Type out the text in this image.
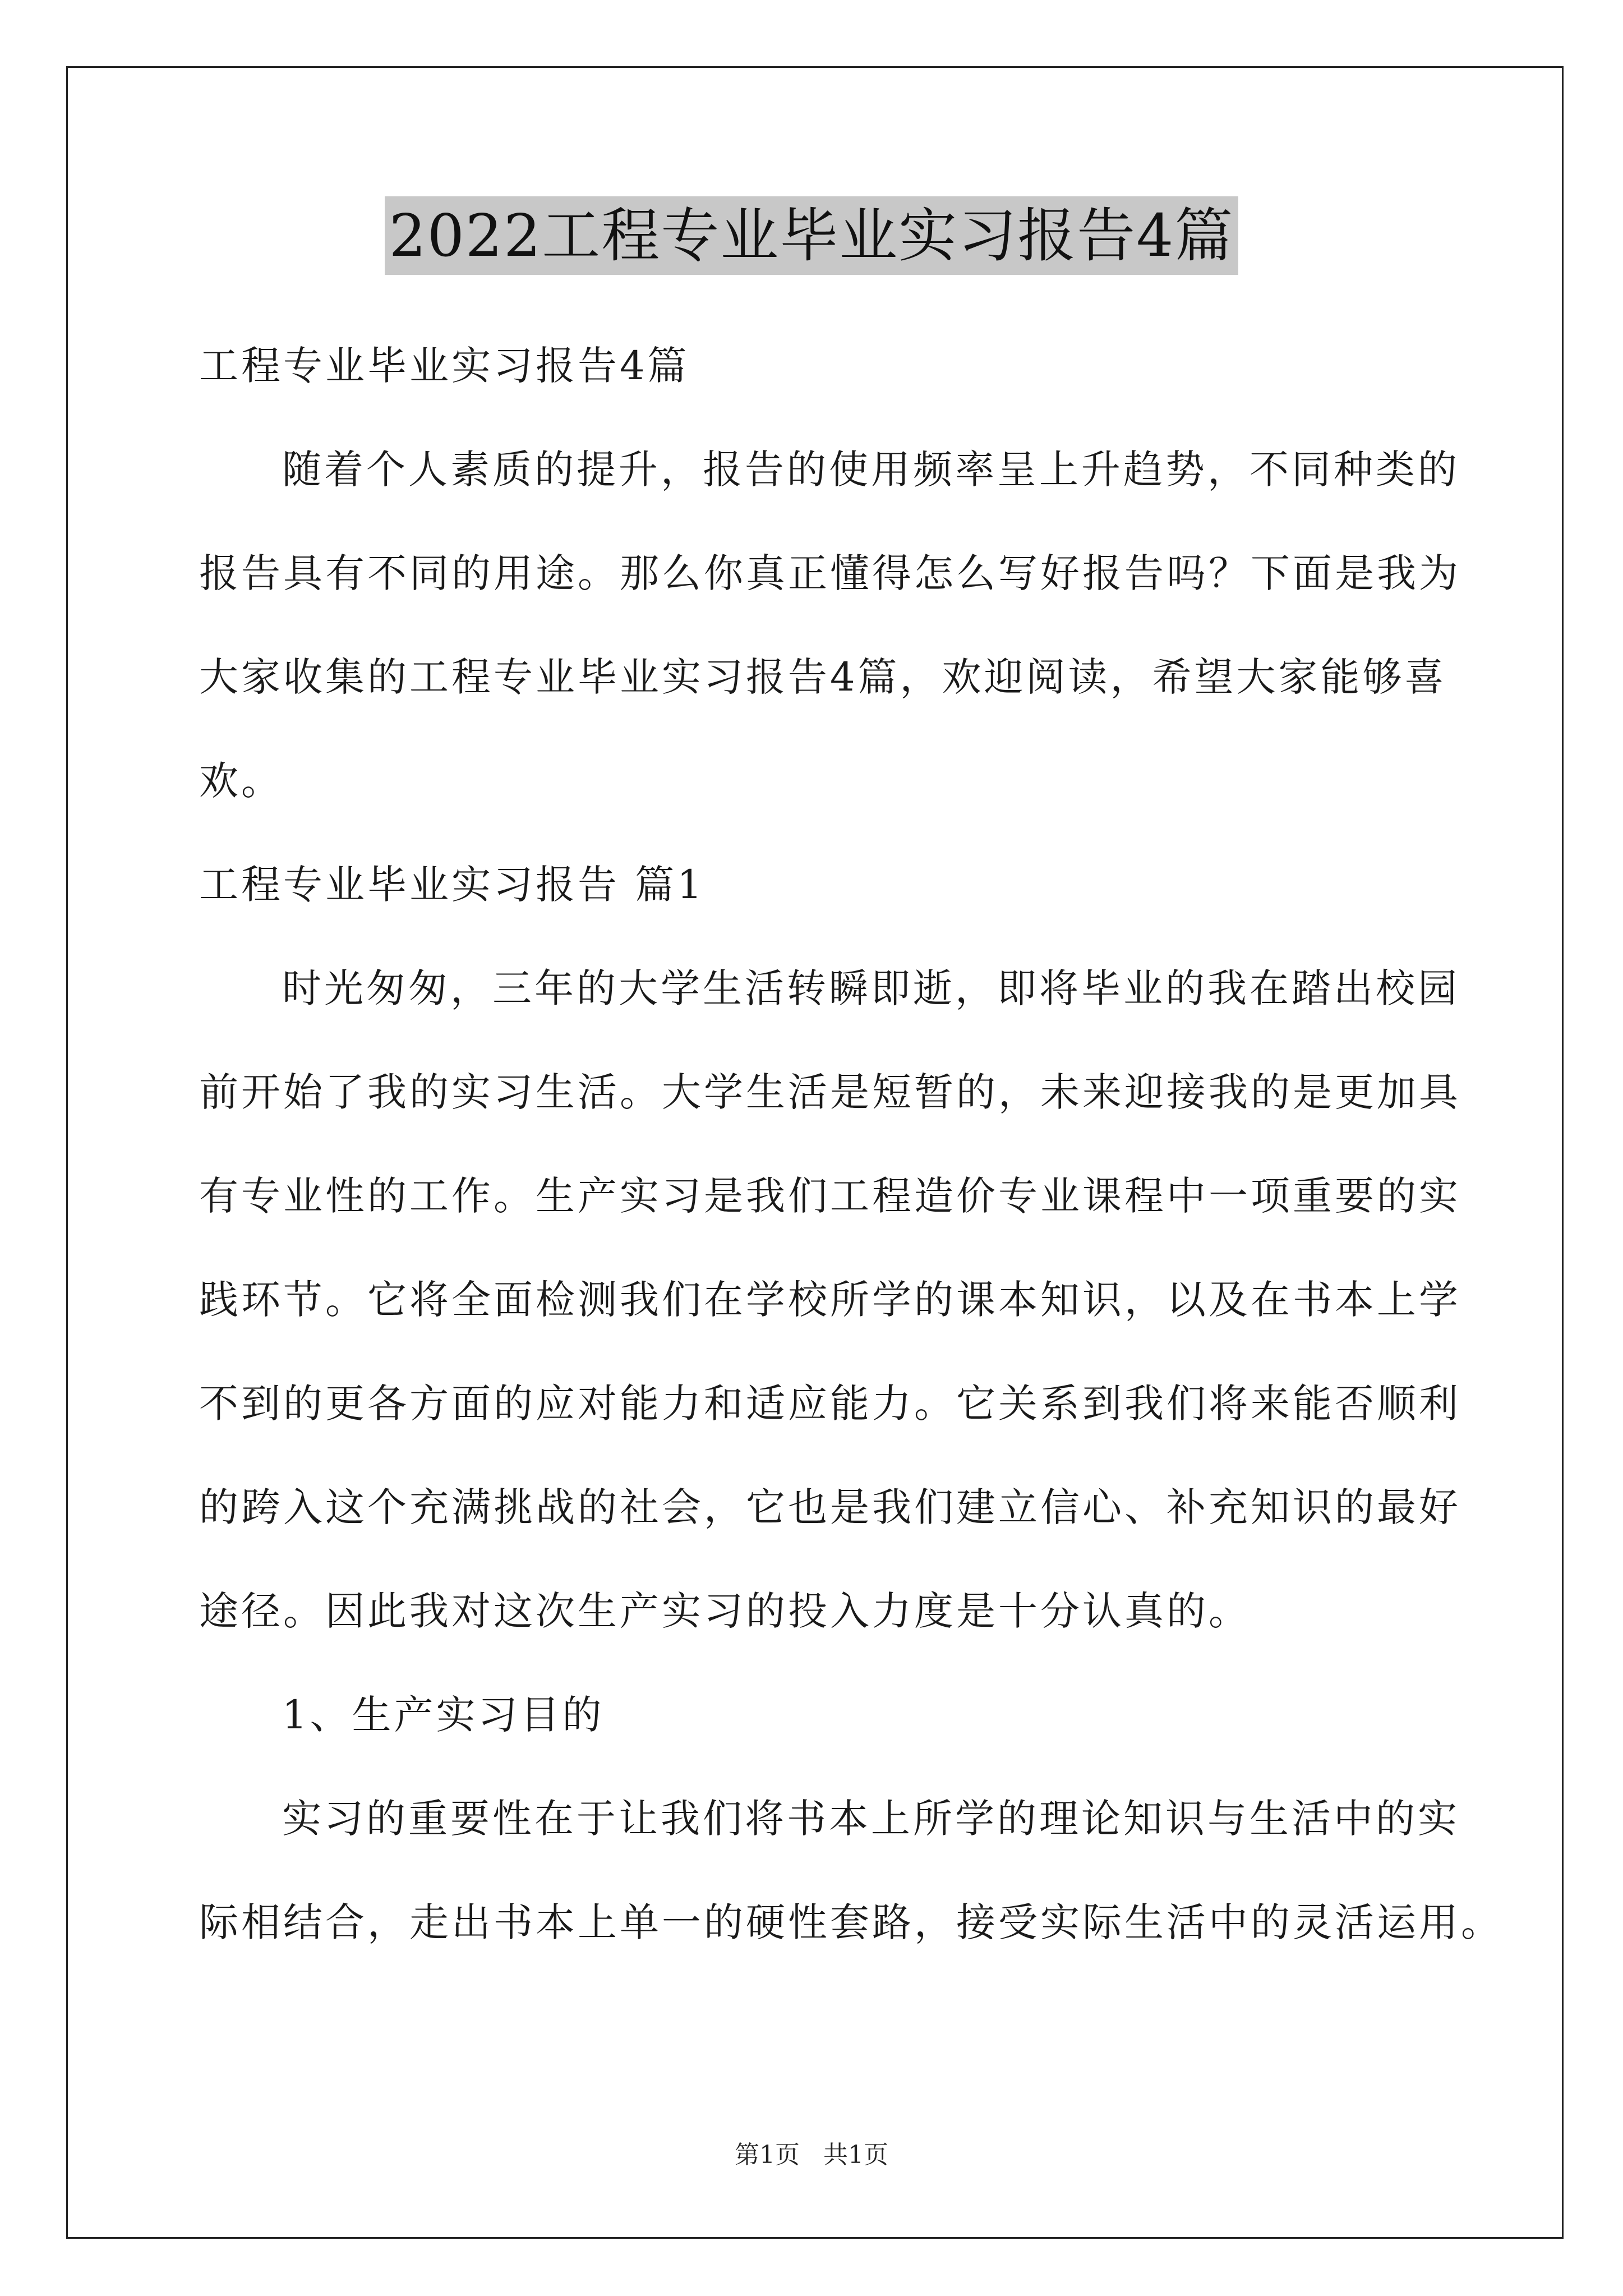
2022工程专业毕业实习报告4篇
工程专业毕业实习报告4篇
随着个人素质的提升，报告的使用频率呈上升趋势，不同种类的
报告具有不同的用途。那么你真正懂得怎么写好报告吗？下面是我为
大家收集的工程专业毕业实习报告4篇，欢迎阅读，希望大家能够喜
欢。
工程专业毕业实习报告 篇1
时光匆匆，三年的大学生活转瞬即逝，即将毕业的我在踏出校园
前开始了我的实习生活。大学生活是短暂的，未来迎接我的是更加具
有专业性的工作。生产实习是我们工程造价专业课程中一项重要的实
践环节。它将全面检测我们在学校所学的课本知识，以及在书本上学
不到的更各方面的应对能力和适应能力。它关系到我们将来能否顺利
的跨入这个充满挑战的社会，它也是我们建立信心、补充知识的最好
途径。因此我对这次生产实习的投入力度是十分认真的。
1、生产实习目的
实习的重要性在于让我们将书本上所学的理论知识与生活中的实
际相结合，走出书本上单一的硬性套路，接受实际生活中的灵活运用。
第1页 共1页
